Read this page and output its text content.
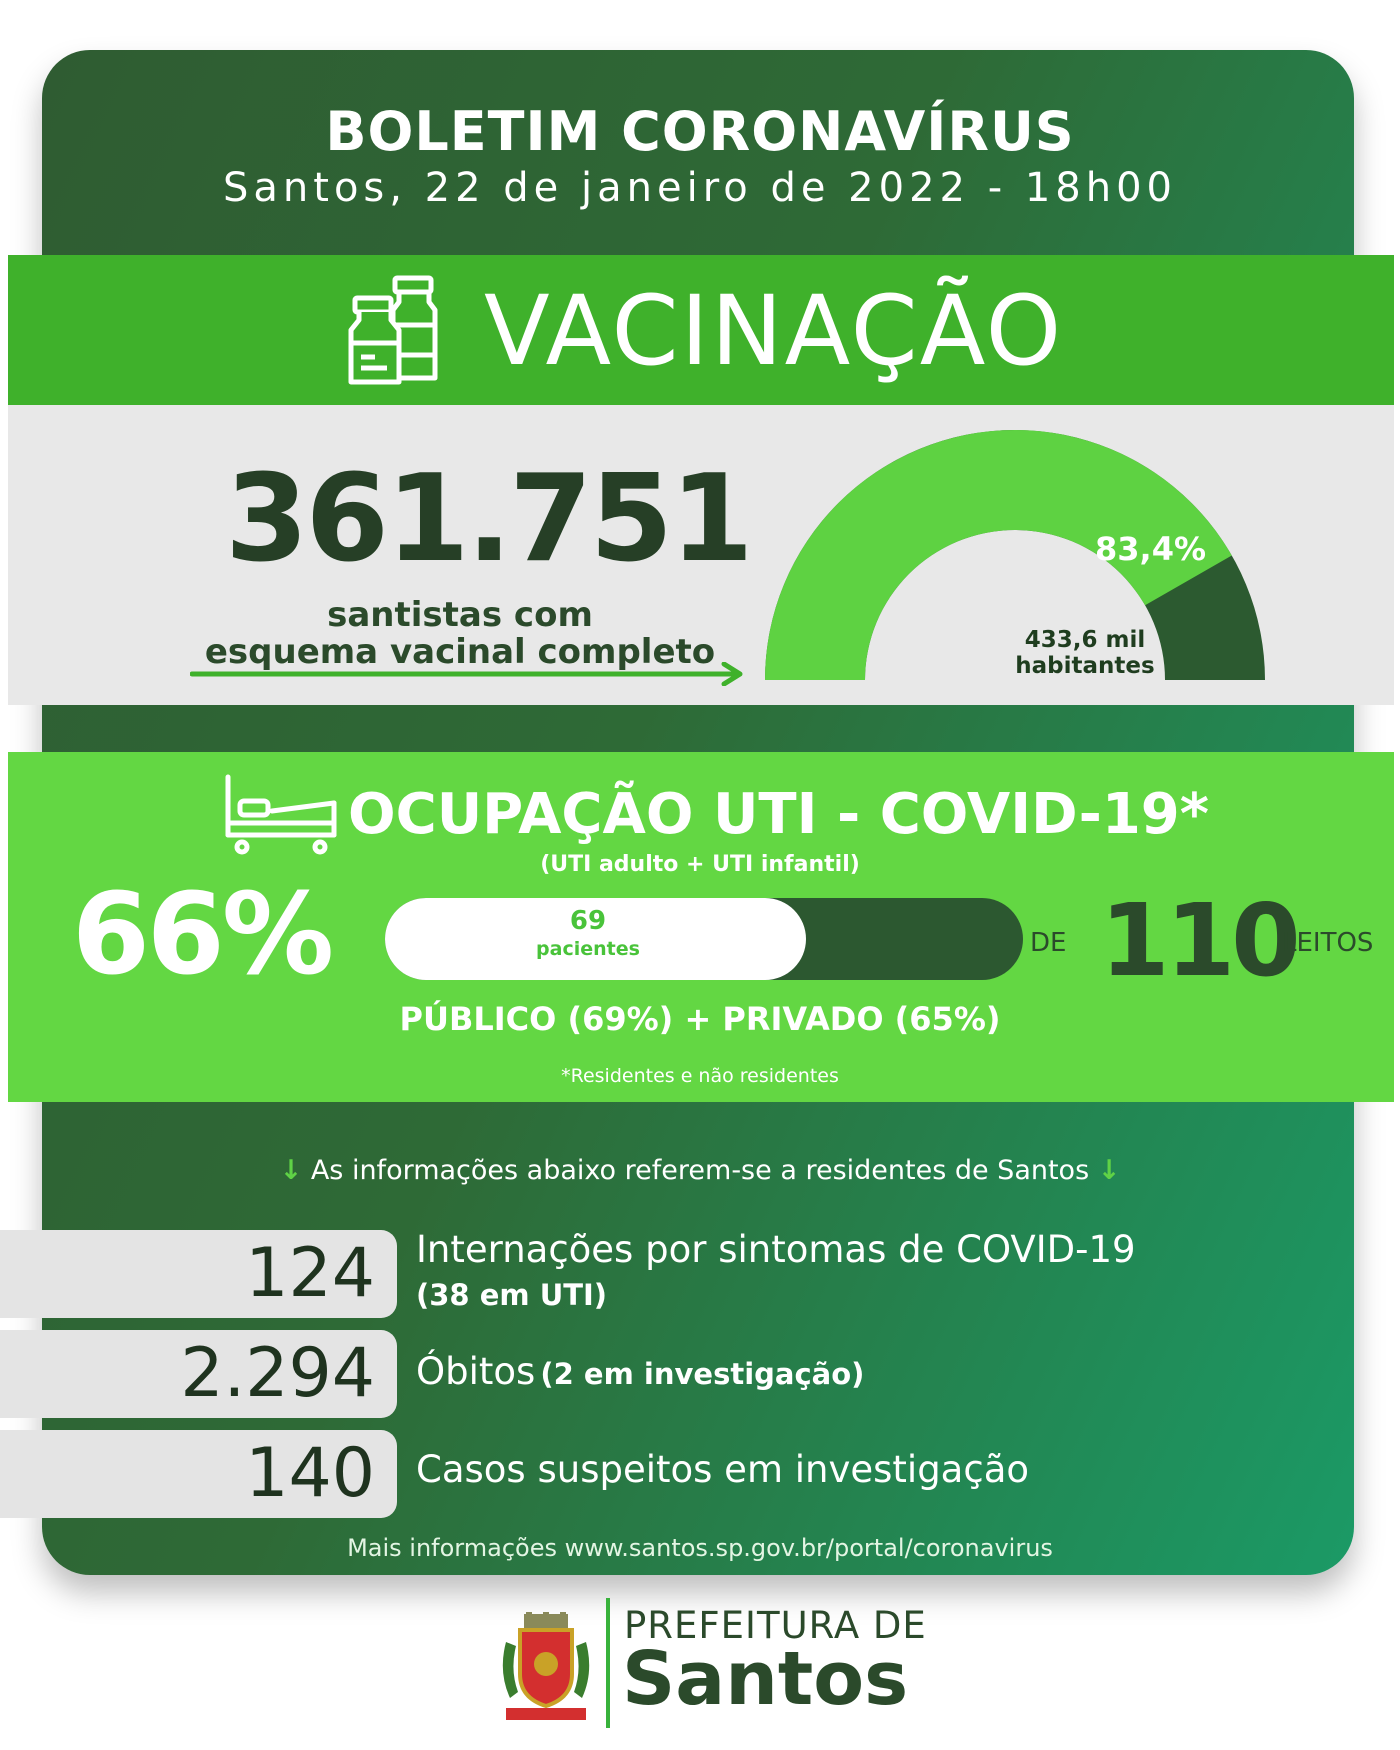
BOLETIM CORONAVÍRUS
Santos, 22 de janeiro de 2022 - 18h00
VACINAÇÃO
361.751
santistas com
esquema vacinal completo
83,4%
433,6 mil
habitantes
OCUPAÇÃO UTI - COVID-19*
(UTI adulto + UTI infantil)
66%	69
pacientes	DE 110
LEITOS
PÚBLICO (69%) + PRIVADO (65%)
*Residentes e não residentes
↓ As informações abaixo referem-se a residentes de Santos ↓
124 Internações por sintomas de COVID-19
(38 em UTI)
2.294 Óbitos (2 em investigação)
140 Casos suspeitos em investigação
Mais informações www.santos.sp.gov.br/portal/coronavirus
PREFEITURA DE
Santos
